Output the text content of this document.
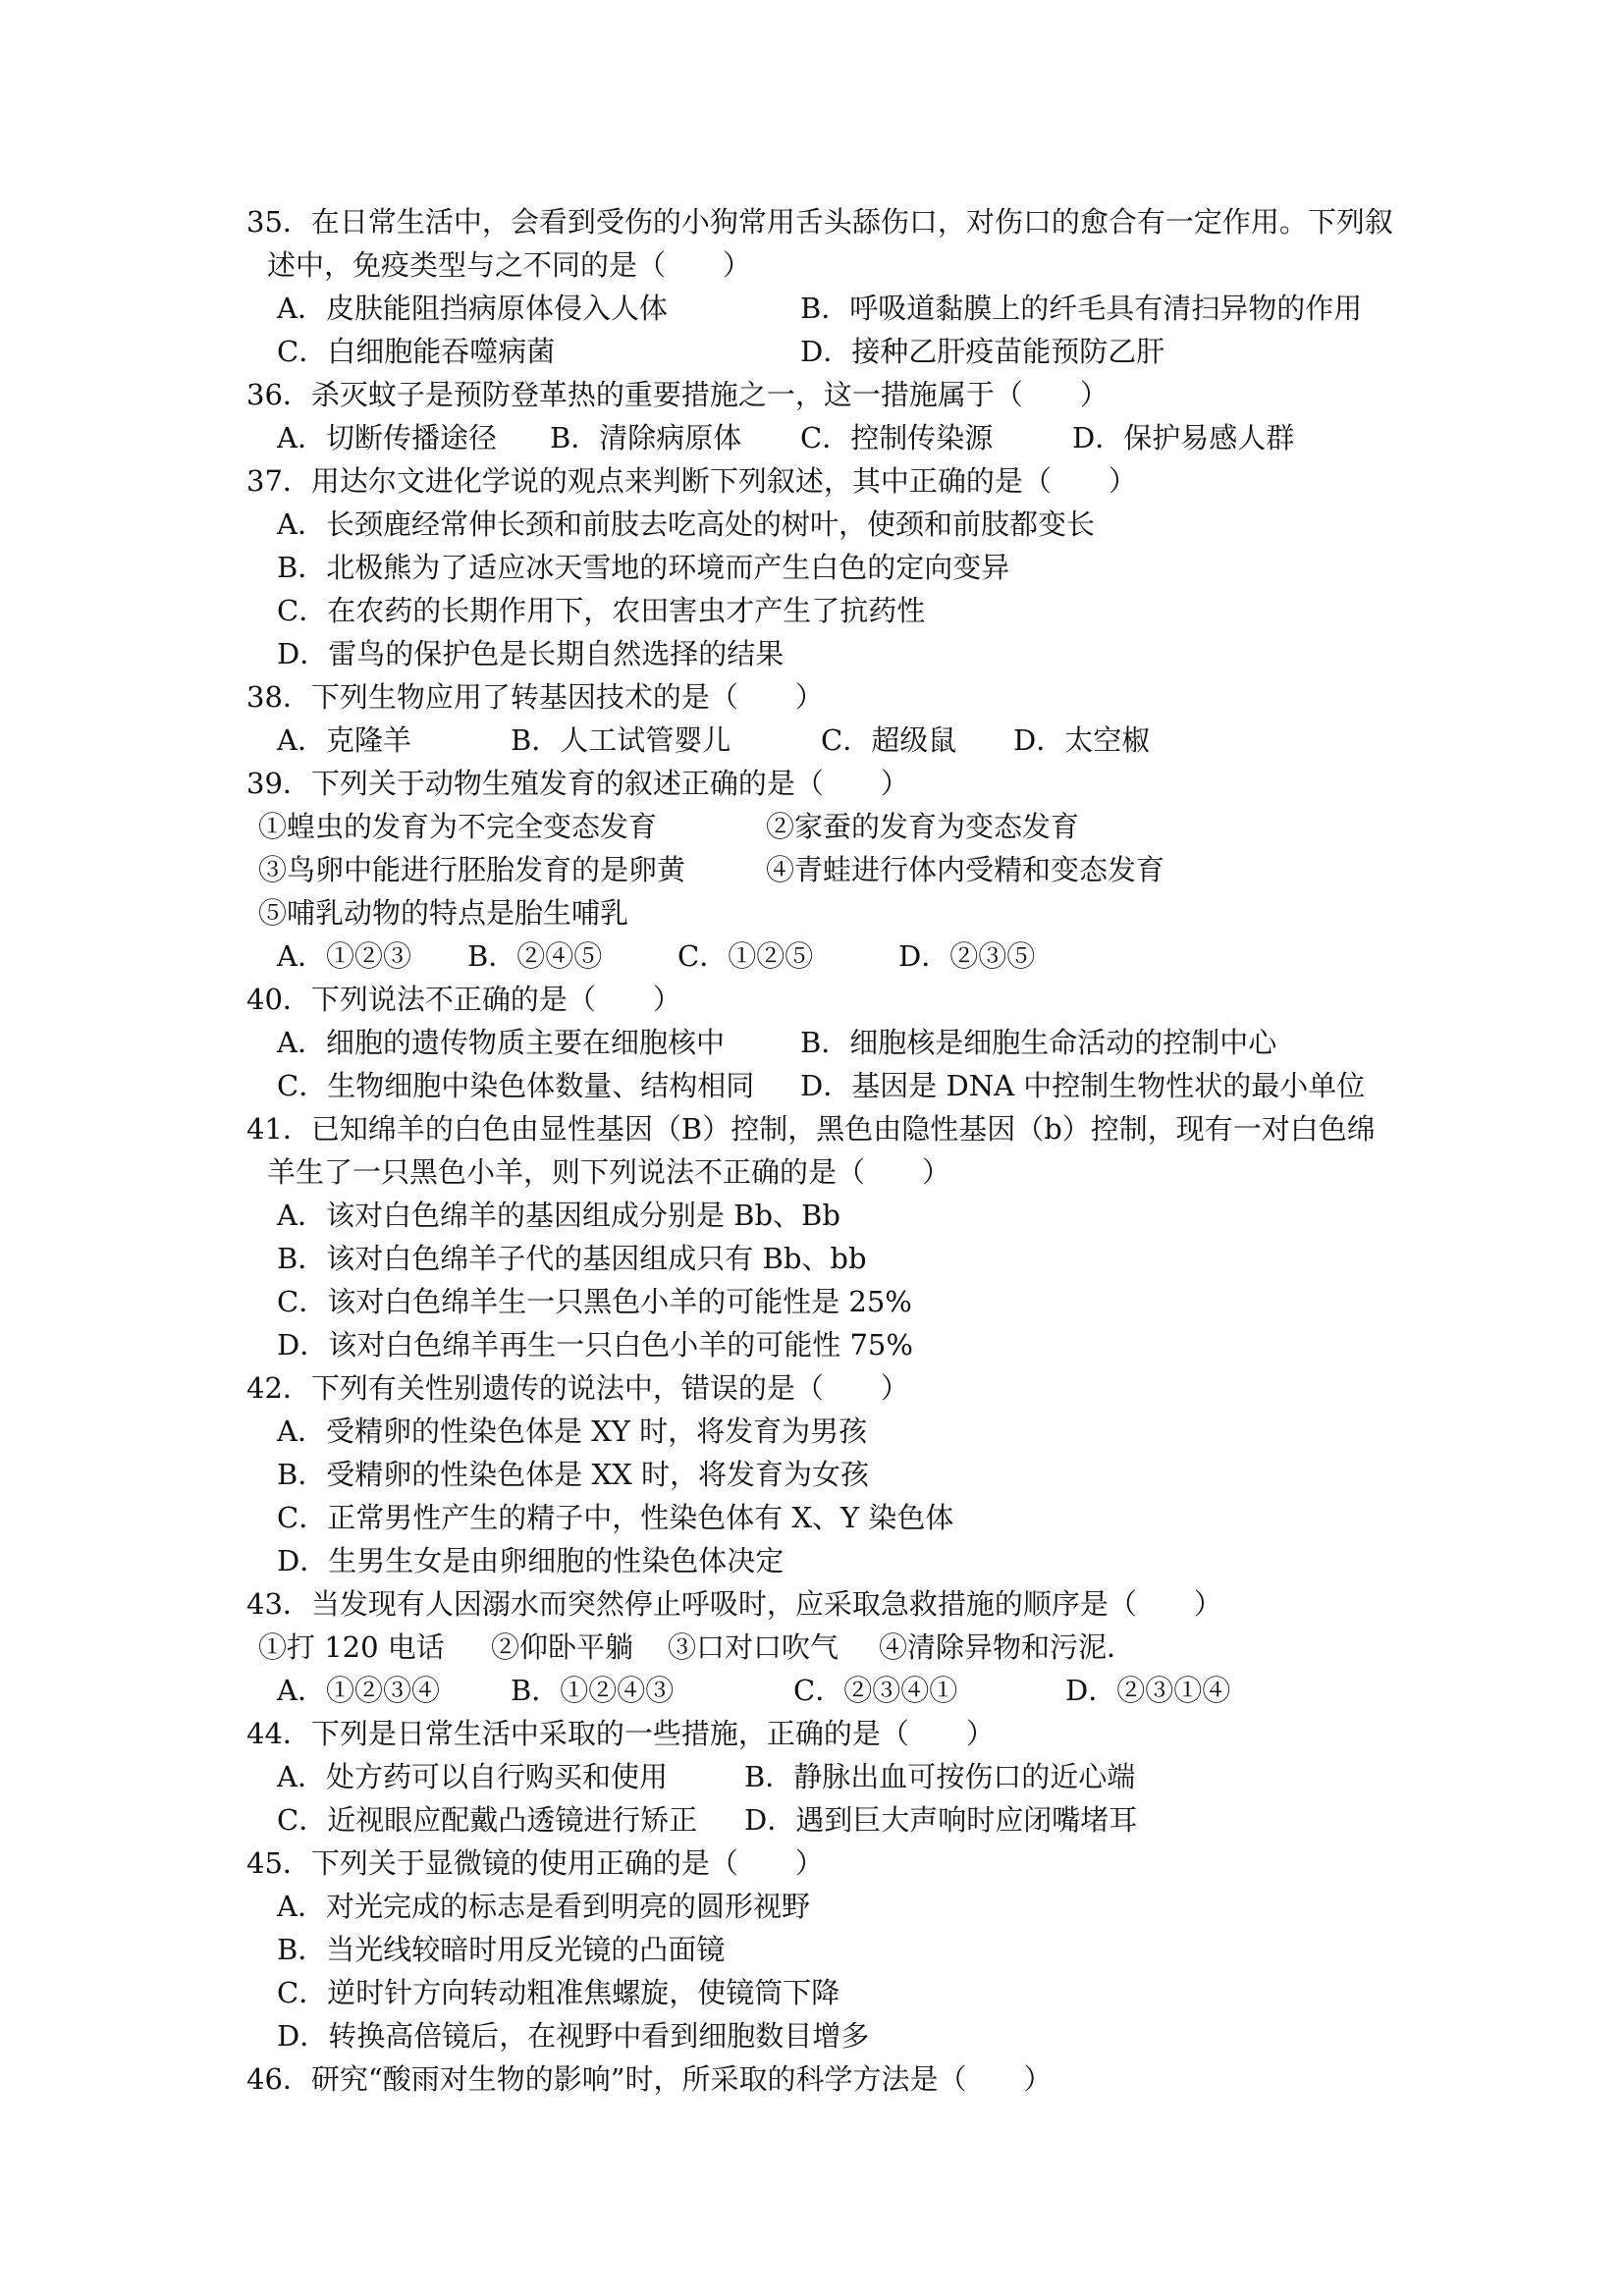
35．在日常生活中，会看到受伤的小狗常用舌头舔伤口，对伤口的愈合有一定作用。下列叙
述中，免疫类型与之不同的是（　　）
A．皮肤能阻挡病原体侵入人体	B．呼吸道黏膜上的纤毛具有清扫异物的作用
C．白细胞能吞噬病菌	D．接种乙肝疫苗能预防乙肝
36．杀灭蚊子是预防登革热的重要措施之一，这一措施属于（　　）
A．切断传播途径 B．清除病原体 C．控制传染源	D．保护易感人群
37．用达尔文进化学说的观点来判断下列叙述，其中正确的是（　　）
A．长颈鹿经常伸长颈和前肢去吃高处的树叶，使颈和前肢都变长
B．北极熊为了适应冰天雪地的环境而产生白色的定向变异
C．在农药的长期作用下，农田害虫才产生了抗药性
D．雷鸟的保护色是长期自然选择的结果
38．下列生物应用了转基因技术的是（　　）
A．克隆羊	B．人工试管婴儿	C．超级鼠 D．太空椒
39．下列关于动物生殖发育的叙述正确的是（　　）
①蝗虫的发育为不完全变态发育	②家蚕的发育为变态发育
③鸟卵中能进行胚胎发育的是卵黄	④青蛙进行体内受精和变态发育
⑤哺乳动物的特点是胎生哺乳
A．①②③ B．②④⑤	C．①②⑤	D．②③⑤
40．下列说法不正确的是（　　）
A．细胞的遗传物质主要在细胞核中	B．细胞核是细胞生命活动的控制中心
C．生物细胞中染色体数量、结构相同 D．基因是 DNA 中控制生物性状的最小单位
41．已知绵羊的白色由显性基因（B）控制，黑色由隐性基因（b）控制，现有一对白色绵
羊生了一只黑色小羊，则下列说法不正确的是（　　）
A．该对白色绵羊的基因组成分别是 Bb、Bb
B．该对白色绵羊子代的基因组成只有 Bb、bb
C．该对白色绵羊生一只黑色小羊的可能性是 25%
D．该对白色绵羊再生一只白色小羊的可能性 75%
42．下列有关性别遗传的说法中，错误的是（　　）
A．受精卵的性染色体是 XY 时，将发育为男孩
B．受精卵的性染色体是 XX 时，将发育为女孩
C．正常男性产生的精子中，性染色体有 X、Y 染色体
D．生男生女是由卵细胞的性染色体决定
43．当发现有人因溺水而突然停止呼吸时，应采取急救措施的顺序是（　　）
①打 120 电话 ②仰卧平躺 ③口对口吹气 ④清除异物和污泥．
A．①②③④ B．①②④③	C．②③④①	D．②③①④
44．下列是日常生活中采取的一些措施，正确的是（　　）
A．处方药可以自行购买和使用	B．静脉出血可按伤口的近心端
C．近视眼应配戴凸透镜进行矫正 D．遇到巨大声响时应闭嘴堵耳
45．下列关于显微镜的使用正确的是（　　）
A．对光完成的标志是看到明亮的圆形视野
B．当光线较暗时用反光镜的凸面镜
C．逆时针方向转动粗准焦螺旋，使镜筒下降
D．转换高倍镜后，在视野中看到细胞数目增多
46．研究“酸雨对生物的影响”时，所采取的科学方法是（　　）
